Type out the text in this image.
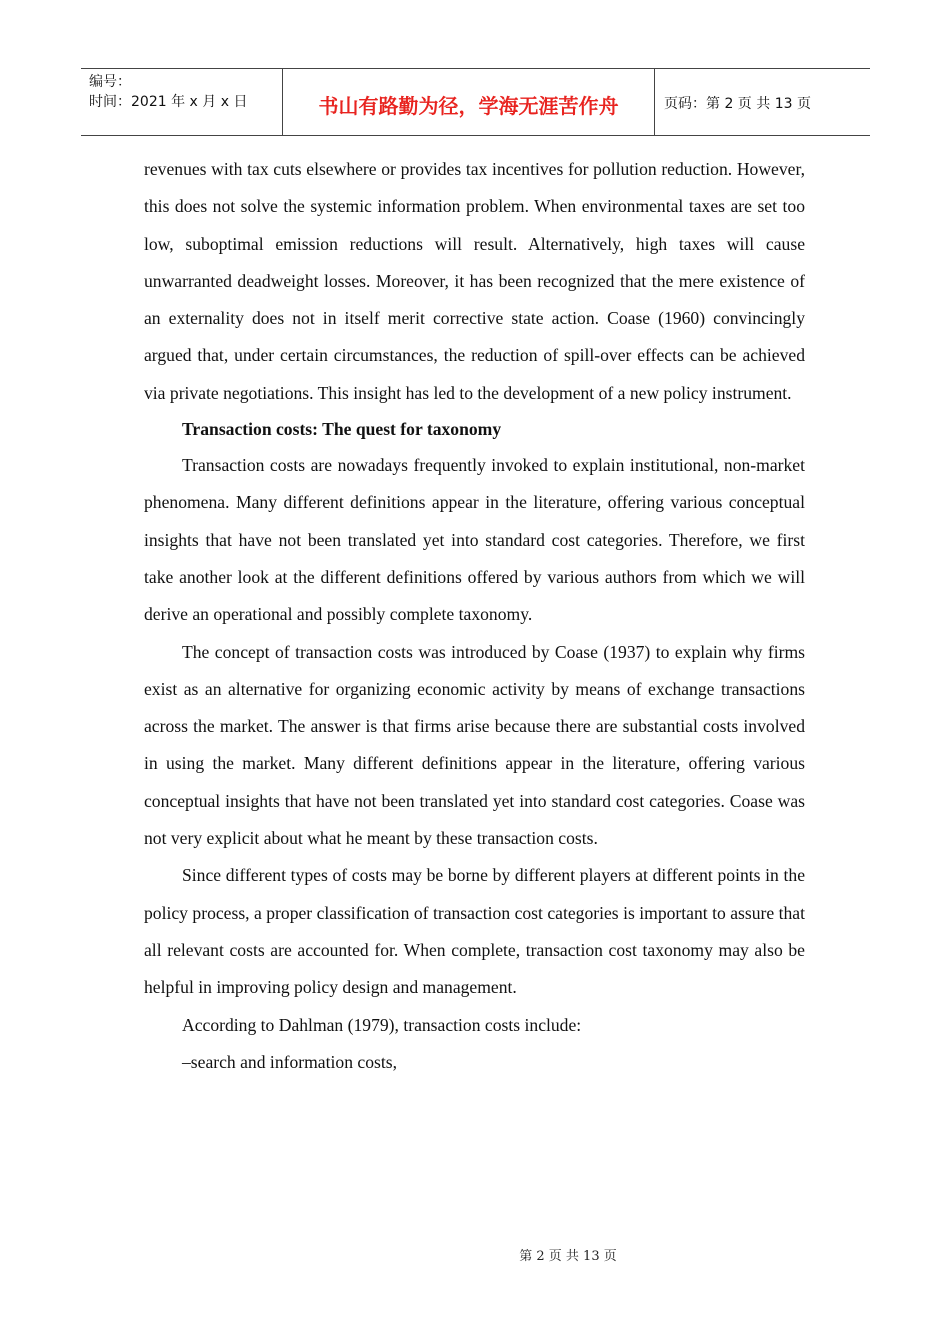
编号：
时间：2021 年 x 月 x 日	书山有路勤为径，学海无涯苦作舟	页码：第 2 页 共 13 页

revenues with tax cuts elsewhere or provides tax incentives for pollution reduction. However, this does not solve the systemic information problem. When environmental taxes are set too low, suboptimal emission reductions will result. Alternatively, high taxes will cause unwarranted deadweight losses. Moreover, it has been recognized that the mere existence of an externality does not in itself merit corrective state action. Coase (1960) convincingly argued that, under certain circumstances, the reduction of spill-over effects can be achieved via private negotiations. This insight has led to the development of a new policy instrument.

Transaction costs: The quest for taxonomy

Transaction costs are nowadays frequently invoked to explain institutional, non-market phenomena. Many different definitions appear in the literature, offering various conceptual insights that have not been translated yet into standard cost categories. Therefore, we first take another look at the different definitions offered by various authors from which we will derive an operational and possibly complete taxonomy.

The concept of transaction costs was introduced by Coase (1937) to explain why firms exist as an alternative for organizing economic activity by means of exchange transactions across the market. The answer is that firms arise because there are substantial costs involved in using the market. Many different definitions appear in the literature, offering various conceptual insights that have not been translated yet into standard cost categories. Coase was not very explicit about what he meant by these transaction costs.

Since different types of costs may be borne by different players at different points in the policy process, a proper classification of transaction cost categories is important to assure that all relevant costs are accounted for. When complete, transaction cost taxonomy may also be helpful in improving policy design and management.

According to Dahlman (1979), transaction costs include:

–search and information costs,

第 2 页 共 13 页
